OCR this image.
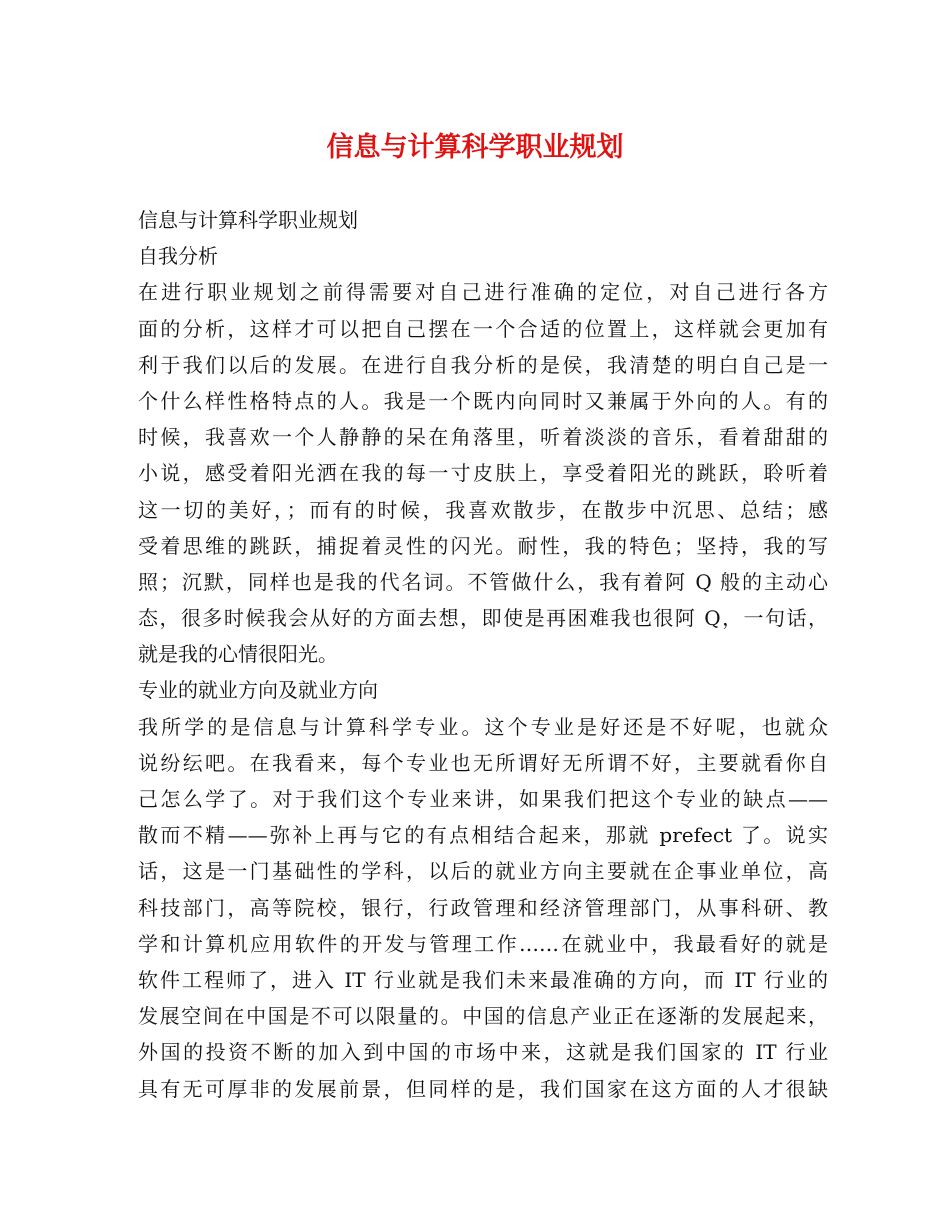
信息与计算科学职业规划
信息与计算科学职业规划
自我分析
在进行职业规划之前得需要对自己进行准确的定位，对自己进行各方
面的分析，这样才可以把自己摆在一个合适的位置上，这样就会更加有
利于我们以后的发展。在进行自我分析的是侯，我清楚的明白自己是一
个什么样性格特点的人。我是一个既内向同时又兼属于外向的人。有的
时候，我喜欢一个人静静的呆在角落里，听着淡淡的音乐，看着甜甜的
小说，感受着阳光洒在我的每一寸皮肤上，享受着阳光的跳跃，聆听着
这一切的美好，；而有的时候，我喜欢散步，在散步中沉思、总结；感
受着思维的跳跃，捕捉着灵性的闪光。耐性，我的特色；坚持，我的写
照；沉默，同样也是我的代名词。不管做什么，我有着阿 Q 般的主动心
态，很多时候我会从好的方面去想，即使是再困难我也很阿 Q，一句话，
就是我的心情很阳光。
专业的就业方向及就业方向
我所学的是信息与计算科学专业。这个专业是好还是不好呢，也就众
说纷纭吧。在我看来，每个专业也无所谓好无所谓不好，主要就看你自
己怎么学了。对于我们这个专业来讲，如果我们把这个专业的缺点——
散而不精——弥补上再与它的有点相结合起来，那就 prefect 了。说实
话，这是一门基础性的学科，以后的就业方向主要就在企事业单位，高
科技部门，高等院校，银行，行政管理和经济管理部门，从事科研、教
学和计算机应用软件的开发与管理工作……在就业中，我最看好的就是
软件工程师了，进入 IT 行业就是我们未来最准确的方向，而 IT 行业的
发展空间在中国是不可以限量的。中国的信息产业正在逐渐的发展起来，
外国的投资不断的加入到中国的市场中来，这就是我们国家的 IT 行业
具有无可厚非的发展前景，但同样的是，我们国家在这方面的人才很缺
